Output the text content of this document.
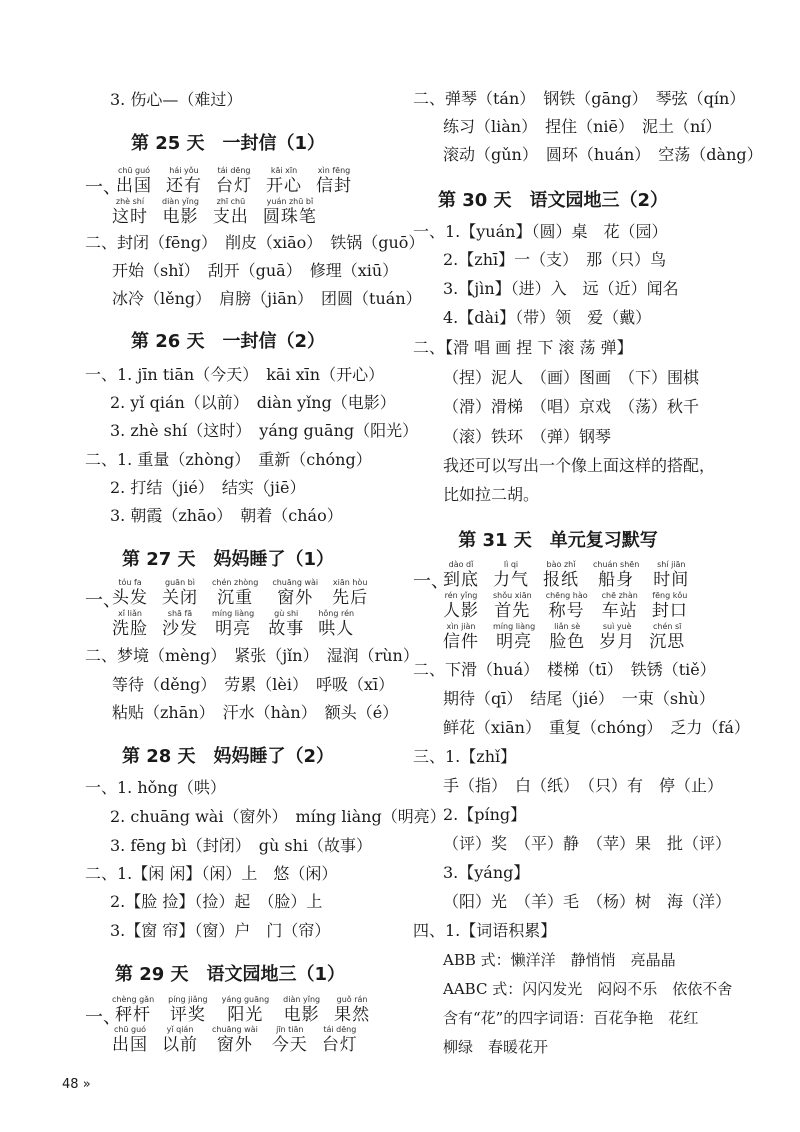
3. 伤心—（难过）
第 25 天　一封信（1）
一、
chū guó
出国
hái yǒu
还有
tái dēng
台灯
kāi xīn
开心
xìn fēng
信封
zhè shí
这时
diàn yǐng
电影
zhī chū
支出
yuán zhū bǐ
圆珠笔
二、封闭（fēng）　削皮（xiāo）　铁锅（guō）
开始（shǐ）　刮开（guā）　修理（xiū）
冰冷（lěng）　肩膀（jiān）　团圆（tuán）
第 26 天　一封信（2）
一、1. jīn tiān（今天）　kāi xīn（开心）
2. yǐ qián（以前）　diàn yǐng（电影）
3. zhè shí（这时）　yáng guāng（阳光）
二、1. 重量（zhòng）　重新（chóng）
2. 打结（jié）　结实（jiē）
3. 朝霞（zhāo）　朝着（cháo）
第 27 天　妈妈睡了（1）
一、
tóu fa
头发
guān bì
关闭
chén zhòng
沉重
chuāng wài
窗外
xiān hòu
先后
xǐ liǎn
洗脸
shā fā
沙发
míng liàng
明亮
gù shi
故事
hǒng rén
哄人
二、梦境（mèng）　紧张（jǐn）　湿润（rùn）
等待（děng）　劳累（lèi）　呼吸（xī）
粘贴（zhān）　汗水（hàn）　额头（é）
第 28 天　妈妈睡了（2）
一、1. hǒng（哄）
2. chuāng wài（窗外）　míng liàng（明亮）
3. fēng bì（封闭）　gù shi（故事）
二、1.【闲 闲】（闲）上　悠（闲）
2.【脸 捡】（捡）起　（脸）上
3.【窗 帘】（窗）户　门（帘）
第 29 天　语文园地三（1）
一、
chèng gǎn
秤杆
píng jiǎng
评奖
yáng guāng
阳光
diàn yǐng
电影
guǒ rán
果然
chū guó
出国
yǐ qián
以前
chuāng wài
窗外
jīn tiān
今天
tái dēng
台灯
48 »
二、弹琴（tán）　钢铁（gāng）　琴弦（qín）
练习（liàn）　捏住（niē）　泥土（ní）
滚动（gǔn）　圆环（huán）　空荡（dàng）
第 30 天　语文园地三（2）
一、1.【yuán】（圆）桌　花（园）
2.【zhī】一（支）　那（只）鸟
3.【jìn】（进）入　远（近）闻名
4.【dài】（带）领　爱（戴）
二、【滑 唱 画 捏 下 滚 荡 弹】
（捏）泥人　（画）图画　（下）围棋
（滑）滑梯　（唱）京戏　（荡）秋千
（滚）铁环　（弹）钢琴
我还可以写出一个像上面这样的搭配，
比如拉二胡。
第 31 天　单元复习默写
一、
dào dǐ
到底
lì qi
力气
bào zhǐ
报纸
chuán shēn
船身
shí jiān
时间
rén yǐng
人影
shǒu xiān
首先
chēng hào
称号
chē zhàn
车站
fēng kǒu
封口
xìn jiàn
信件
míng liàng
明亮
liǎn sè
脸色
suì yuè
岁月
chén sī
沉思
二、下滑（huá）　楼梯（tī）　铁锈（tiě）
期待（qī）　结尾（jié）　一束（shù）
鲜花（xiān）　重复（chóng）　乏力（fá）
三、1.【zhǐ】
手（指）　白（纸）　（只）有　停（止）
2.【píng】
（评）奖　（平）静　（苹）果　批（评）
3.【yáng】
（阳）光　（羊）毛　（杨）树　海（洋）
四、1.【词语积累】
ABB 式：懒洋洋　静悄悄　亮晶晶
AABC 式：闪闪发光　闷闷不乐　依依不舍
含有“花”的四字词语：百花争艳　花红
柳绿　春暖花开
